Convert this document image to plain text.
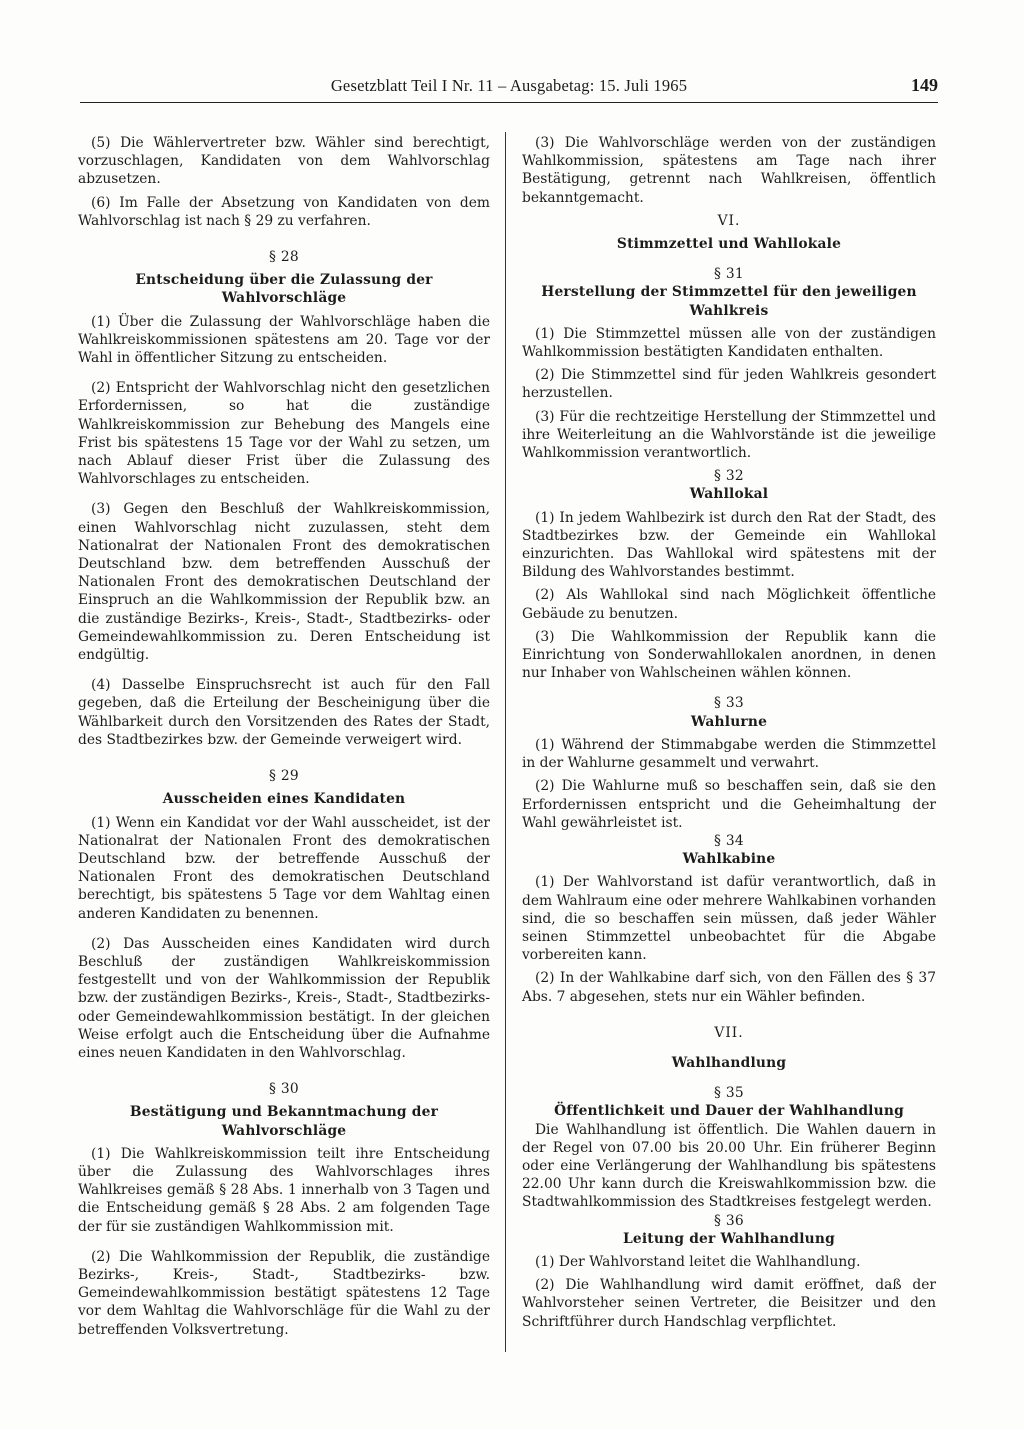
Gesetzblatt Teil I Nr. 11 – Ausgabetag: 15. Juli 1965	149

(5) Die Wählervertreter bzw. Wähler sind berechtigt, vorzuschlagen, Kandidaten von dem Wahlvorschlag abzusetzen.

(6) Im Falle der Absetzung von Kandidaten von dem Wahlvorschlag ist nach § 29 zu verfahren.

§ 28

Entscheidung über die Zulassung der Wahlvorschläge

(1) Über die Zulassung der Wahlvorschläge haben die Wahlkreiskommissionen spätestens am 20. Tage vor der Wahl in öffentlicher Sitzung zu entscheiden.

(2) Entspricht der Wahlvorschlag nicht den gesetzlichen Erfordernissen, so hat die zuständige Wahlkreiskommission zur Behebung des Mangels eine Frist bis spätestens 15 Tage vor der Wahl zu setzen, um nach Ablauf dieser Frist über die Zulassung des Wahlvorschlages zu entscheiden.

(3) Gegen den Beschluß der Wahlkreiskommission, einen Wahlvorschlag nicht zuzulassen, steht dem Nationalrat der Nationalen Front des demokratischen Deutschland bzw. dem betreffenden Ausschuß der Nationalen Front des demokratischen Deutschland der Einspruch an die Wahlkommission der Republik bzw. an die zuständige Bezirks-, Kreis-, Stadt-, Stadtbezirks- oder Gemeindewahlkommission zu. Deren Entscheidung ist endgültig.

(4) Dasselbe Einspruchsrecht ist auch für den Fall gegeben, daß die Erteilung der Bescheinigung über die Wählbarkeit durch den Vorsitzenden des Rates der Stadt, des Stadtbezirkes bzw. der Gemeinde verweigert wird.

§ 29

Ausscheiden eines Kandidaten

(1) Wenn ein Kandidat vor der Wahl ausscheidet, ist der Nationalrat der Nationalen Front des demokratischen Deutschland bzw. der betreffende Ausschuß der Nationalen Front des demokratischen Deutschland berechtigt, bis spätestens 5 Tage vor dem Wahltag einen anderen Kandidaten zu benennen.

(2) Das Ausscheiden eines Kandidaten wird durch Beschluß der zuständigen Wahlkreiskommission festgestellt und von der Wahlkommission der Republik bzw. der zuständigen Bezirks-, Kreis-, Stadt-, Stadtbezirks- oder Gemeindewahlkommission bestätigt. In der gleichen Weise erfolgt auch die Entscheidung über die Aufnahme eines neuen Kandidaten in den Wahlvorschlag.

§ 30

Bestätigung und Bekanntmachung der Wahlvorschläge

(1) Die Wahlkreiskommission teilt ihre Entscheidung über die Zulassung des Wahlvorschlages ihres Wahlkreises gemäß § 28 Abs. 1 innerhalb von 3 Tagen und die Entscheidung gemäß § 28 Abs. 2 am folgenden Tage der für sie zuständigen Wahlkommission mit.

(2) Die Wahlkommission der Republik, die zuständige Bezirks-, Kreis-, Stadt-, Stadtbezirks- bzw. Gemeindewahlkommission bestätigt spätestens 12 Tage vor dem Wahltag die Wahlvorschläge für die Wahl zu der betreffenden Volksvertretung.

(3) Die Wahlvorschläge werden von der zuständigen Wahlkommission, spätestens am Tage nach ihrer Bestätigung, getrennt nach Wahlkreisen, öffentlich bekanntgemacht.

VI.

Stimmzettel und Wahllokale

§ 31

Herstellung der Stimmzettel für den jeweiligen Wahlkreis

(1) Die Stimmzettel müssen alle von der zuständigen Wahlkommission bestätigten Kandidaten enthalten.

(2) Die Stimmzettel sind für jeden Wahlkreis gesondert herzustellen.

(3) Für die rechtzeitige Herstellung der Stimmzettel und ihre Weiterleitung an die Wahlvorstände ist die jeweilige Wahlkommission verantwortlich.

§ 32

Wahllokal

(1) In jedem Wahlbezirk ist durch den Rat der Stadt, des Stadtbezirkes bzw. der Gemeinde ein Wahllokal einzurichten. Das Wahllokal wird spätestens mit der Bildung des Wahlvorstandes bestimmt.

(2) Als Wahllokal sind nach Möglichkeit öffentliche Gebäude zu benutzen.

(3) Die Wahlkommission der Republik kann die Einrichtung von Sonderwahllokalen anordnen, in denen nur Inhaber von Wahlscheinen wählen können.

§ 33

Wahlurne

(1) Während der Stimmabgabe werden die Stimmzettel in der Wahlurne gesammelt und verwahrt.

(2) Die Wahlurne muß so beschaffen sein, daß sie den Erfordernissen entspricht und die Geheimhaltung der Wahl gewährleistet ist.

§ 34

Wahlkabine

(1) Der Wahlvorstand ist dafür verantwortlich, daß in dem Wahlraum eine oder mehrere Wahlkabinen vorhanden sind, die so beschaffen sein müssen, daß jeder Wähler seinen Stimmzettel unbeobachtet für die Abgabe vorbereiten kann.

(2) In der Wahlkabine darf sich, von den Fällen des § 37 Abs. 7 abgesehen, stets nur ein Wähler befinden.

VII.

Wahlhandlung

§ 35

Öffentlichkeit und Dauer der Wahlhandlung

Die Wahlhandlung ist öffentlich. Die Wahlen dauern in der Regel von 07.00 bis 20.00 Uhr. Ein früherer Beginn oder eine Verlängerung der Wahlhandlung bis spätestens 22.00 Uhr kann durch die Kreiswahlkommission bzw. die Stadtwahlkommission des Stadtkreises festgelegt werden.

§ 36

Leitung der Wahlhandlung

(1) Der Wahlvorstand leitet die Wahlhandlung.

(2) Die Wahlhandlung wird damit eröffnet, daß der Wahlvorsteher seinen Vertreter, die Beisitzer und den Schriftführer durch Handschlag verpflichtet.
